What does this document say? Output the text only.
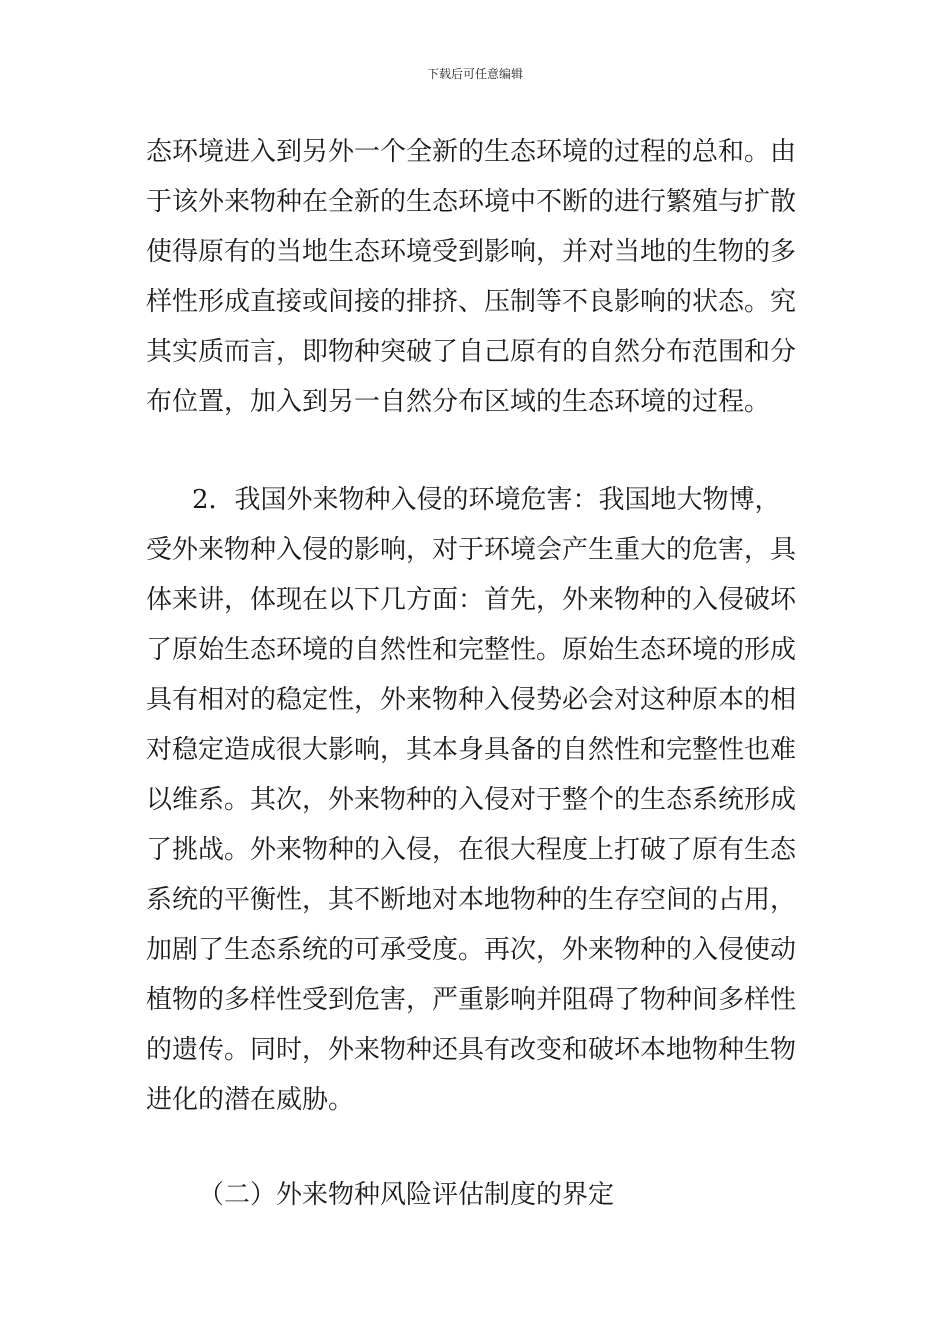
下载后可任意编辑

态环境进入到另外一个全新的生态环境的过程的总和。由于该外来物种在全新的生态环境中不断的进行繁殖与扩散使得原有的当地生态环境受到影响，并对当地的生物的多样性形成直接或间接的排挤、压制等不良影响的状态。究其实质而言，即物种突破了自己原有的自然分布范围和分布位置，加入到另一自然分布区域的生态环境的过程。

2．我国外来物种入侵的环境危害：我国地大物博，受外来物种入侵的影响，对于环境会产生重大的危害，具体来讲，体现在以下几方面：首先，外来物种的入侵破坏了原始生态环境的自然性和完整性。原始生态环境的形成具有相对的稳定性，外来物种入侵势必会对这种原本的相对稳定造成很大影响，其本身具备的自然性和完整性也难以维系。其次，外来物种的入侵对于整个的生态系统形成了挑战。外来物种的入侵，在很大程度上打破了原有生态系统的平衡性，其不断地对本地物种的生存空间的占用，加剧了生态系统的可承受度。再次，外来物种的入侵使动植物的多样性受到危害，严重影响并阻碍了物种间多样性的遗传。同时，外来物种还具有改变和破坏本地物种生物进化的潜在威胁。

（二）外来物种风险评估制度的界定
